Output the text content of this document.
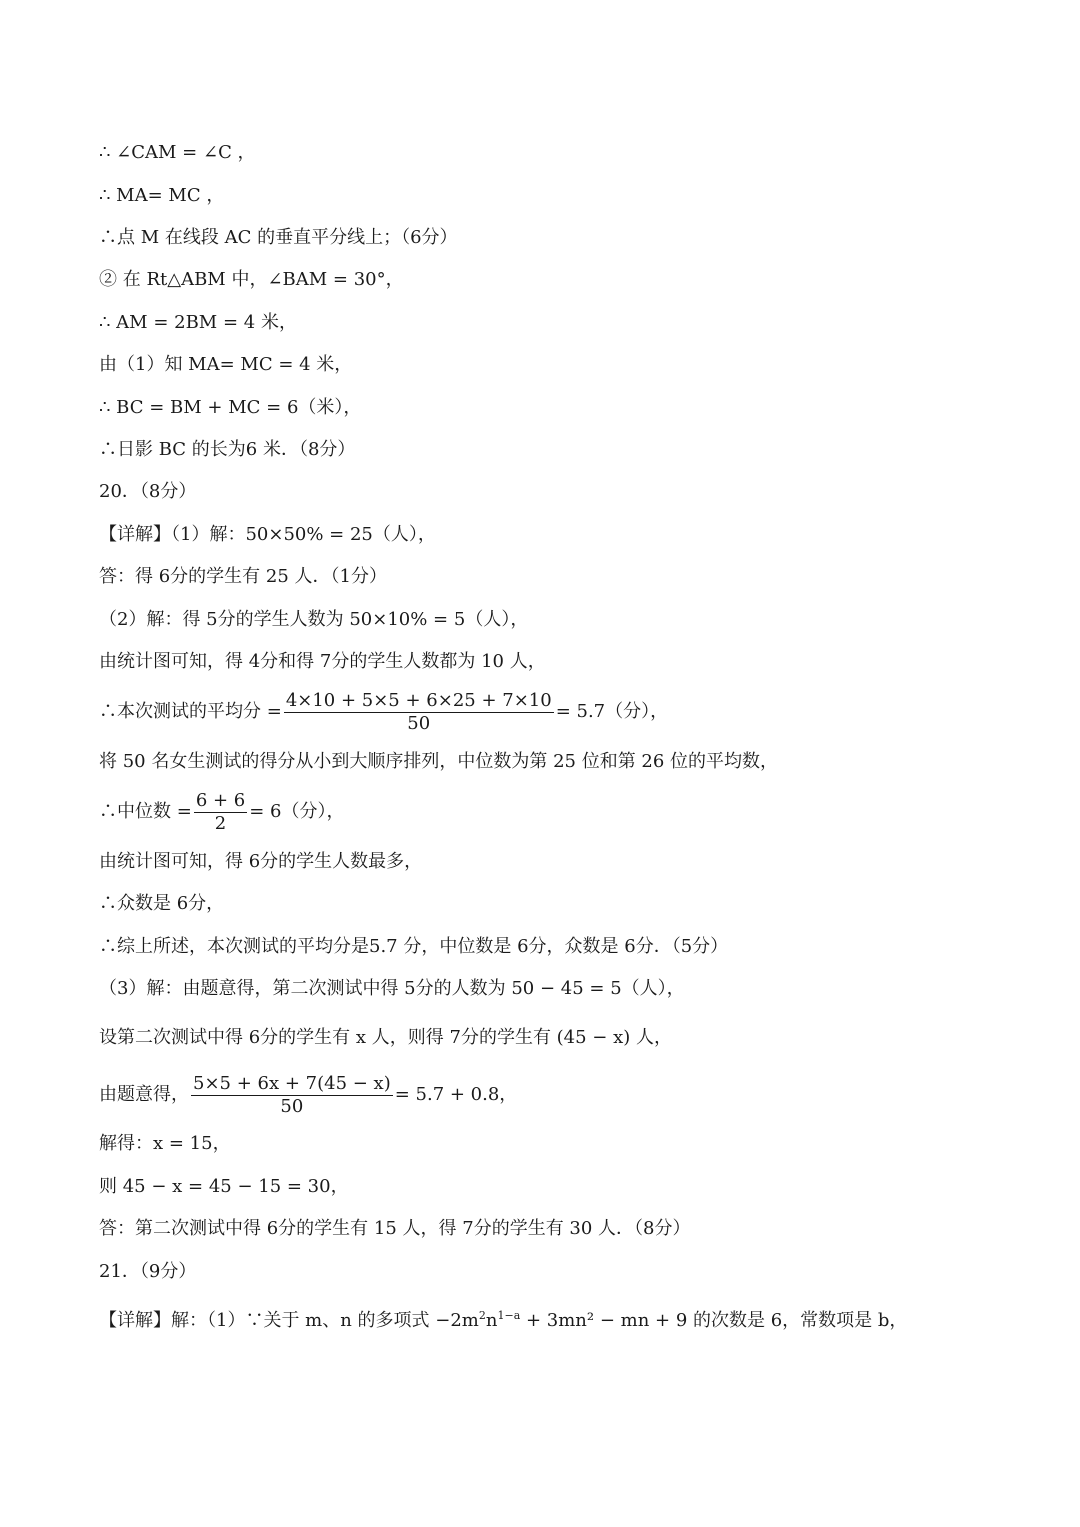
∴ ∠CAM = ∠C ，
∴ MA= MC ，
∴点 M 在线段 AC 的垂直平分线上；（6分）
② 在 Rt△ABM 中，∠BAM = 30°，
∴ AM = 2BM = 4 米，
由（1）知 MA= MC = 4 米，
∴ BC = BM + MC = 6（米），
∴日影 BC 的长为6 米．（8分）
20．（8分）
【详解】（1）解：50×50% = 25（人），
答：得 6分的学生有 25 人．（1分）
（2）解：得 5分的学生人数为 50×10% = 5（人），
由统计图可知，得 4分和得 7分的学生人数都为 10 人，
∴本次测试的平均分 = $\frac{4\times 10 + 5\times 5 + 6\times 25 + 7\times 10}{50} = 5.7$（分），
将 50 名女生测试的得分从小到大顺序排列，中位数为第 25 位和第 26 位的平均数，
∴中位数 = $\frac{6 + 6}{2} = 6$（分），
由统计图可知，得 6分的学生人数最多，
∴众数是 6分，
∴综上所述，本次测试的平均分是5.7 分，中位数是 6分，众数是 6分．（5分）
（3）解：由题意得，第二次测试中得 5分的人数为 50 − 45 = 5（人），
设第二次测试中得 6分的学生有 x 人，则得 7分的学生有 (45 − x) 人，
由题意得， $\frac{5\times 5 + 6x + 7(45 - x)}{50} = 5.7 + 0.8$，
解得：x = 15，
则 45 − x = 45 − 15 = 30，
答：第二次测试中得 6分的学生有 15 人，得 7分的学生有 30 人．（8分）
21．（9分）
【详解】解：（1）∵关于 m、n 的多项式 $-2m^2n^{1-a} + 3mn^2$ − mn + 9 的次数是 6，常数项是 b，
